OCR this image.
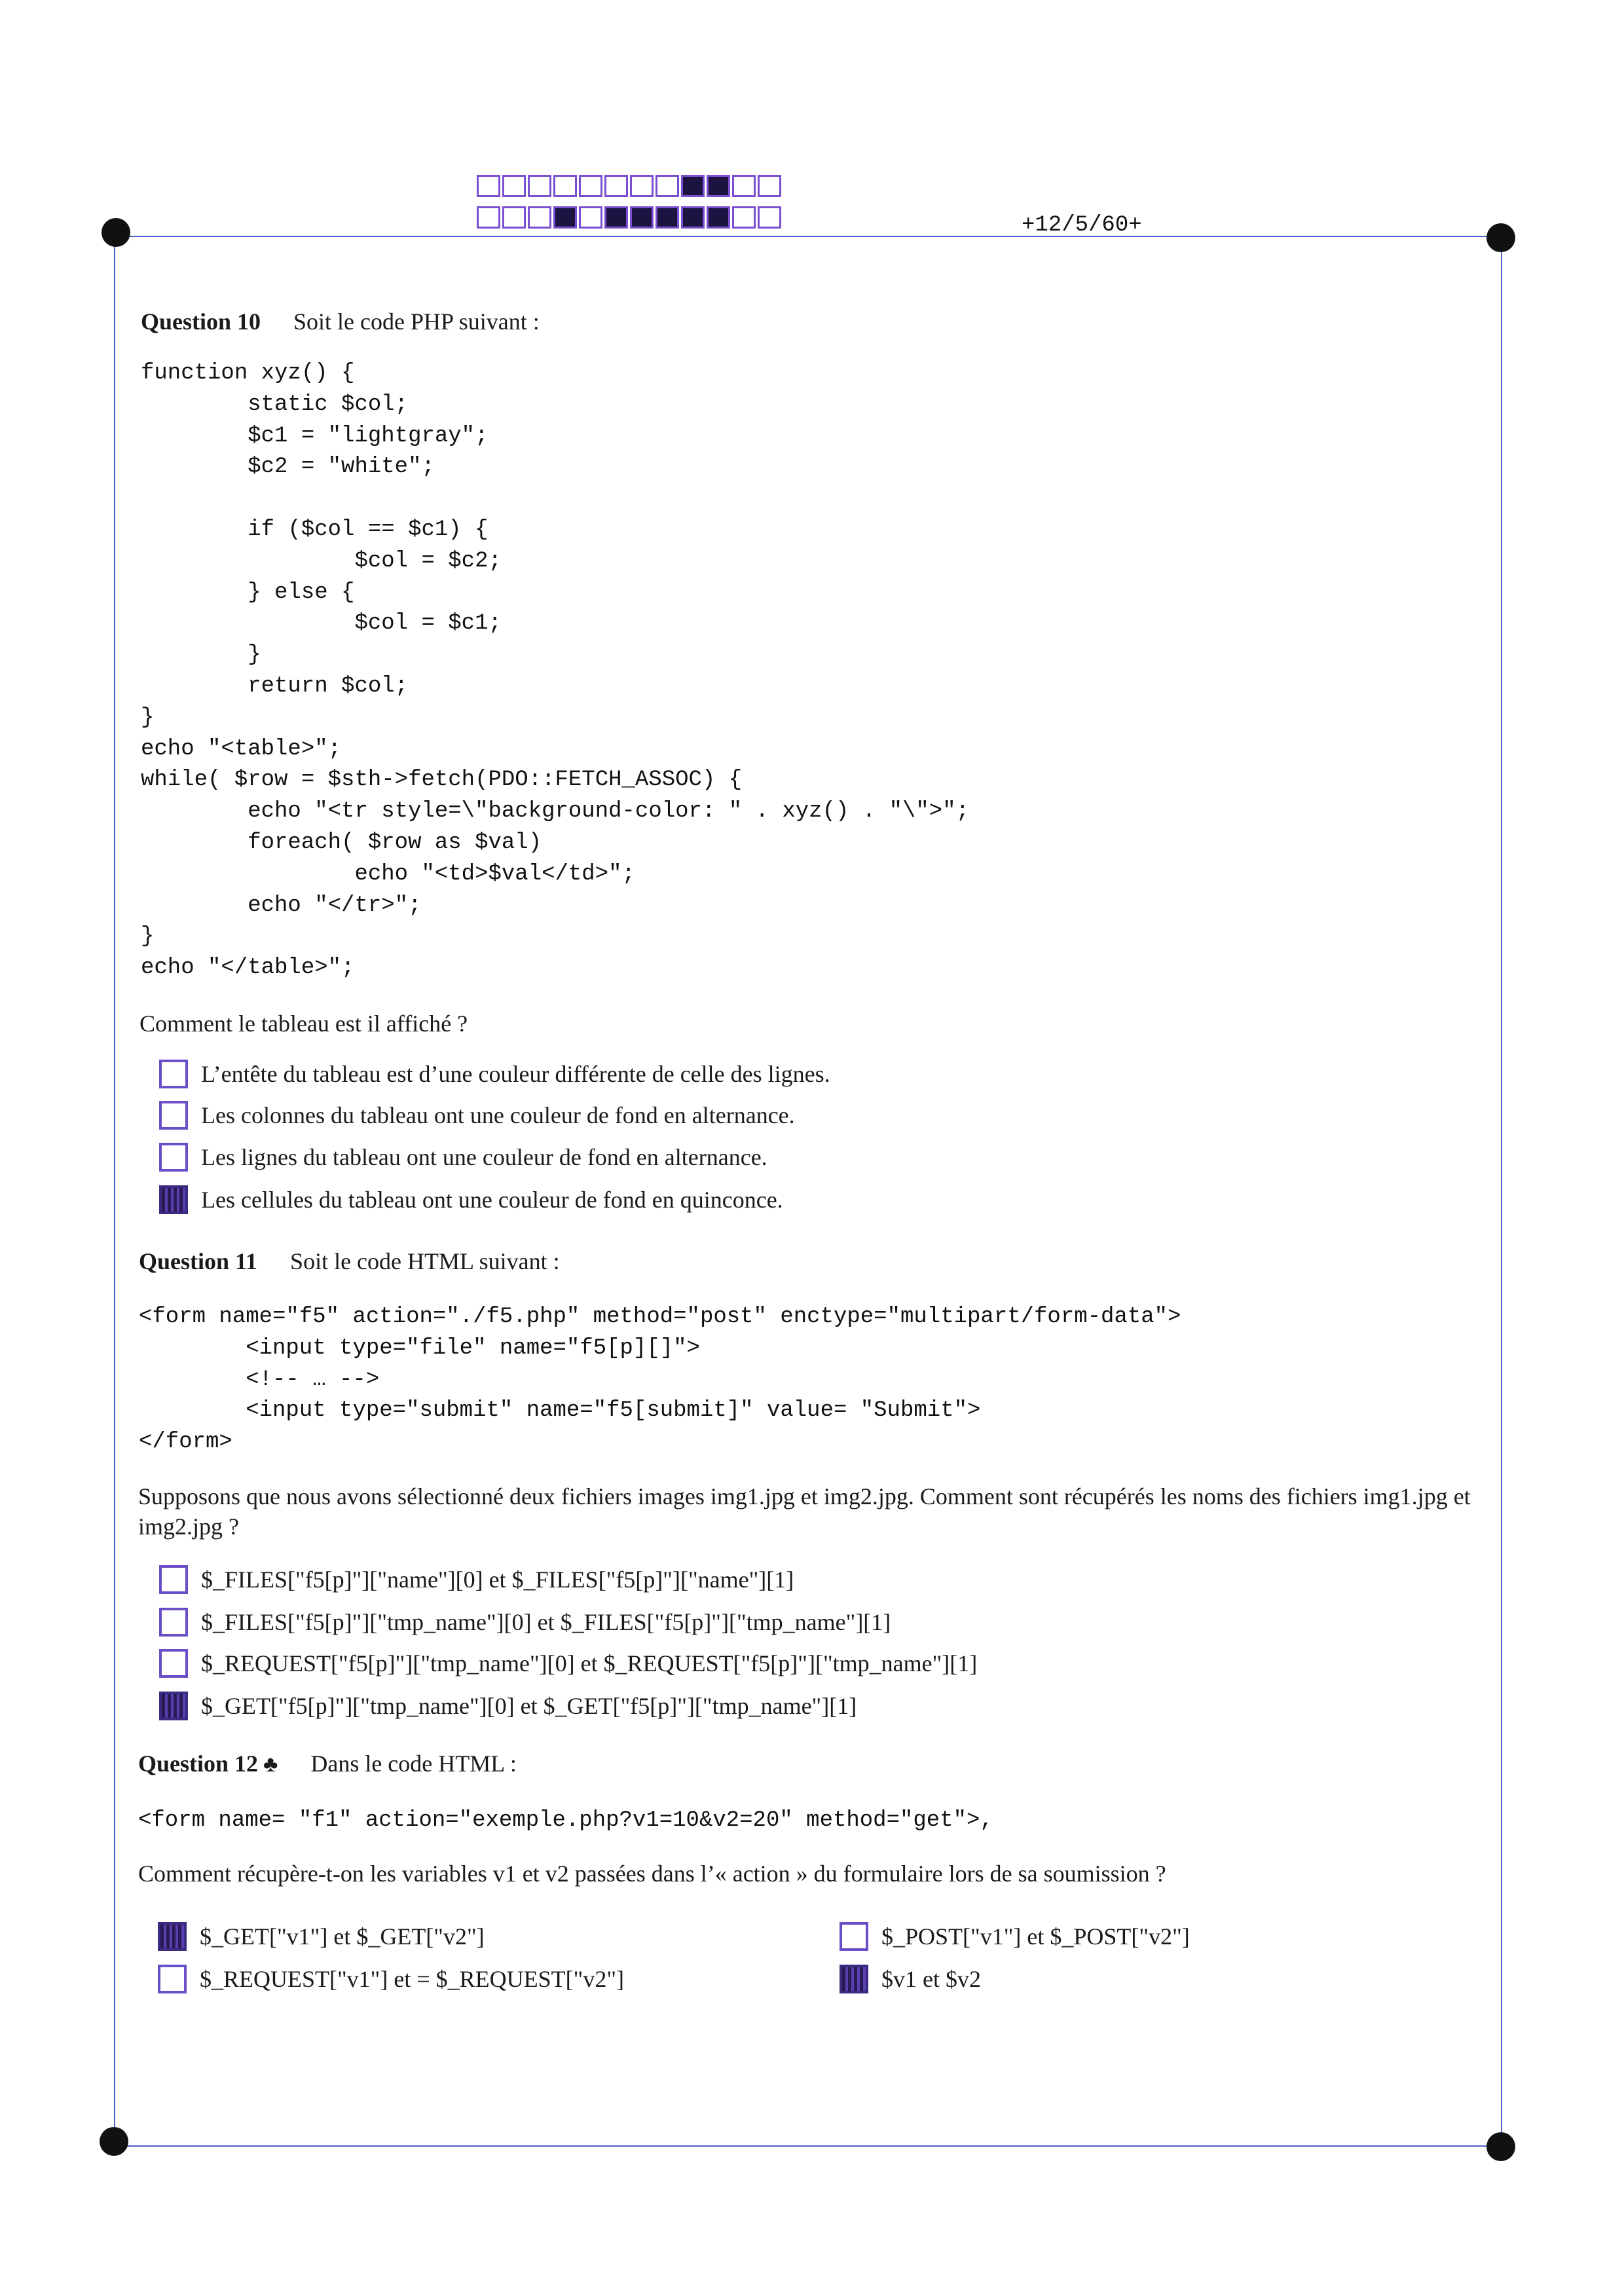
+12/5/60+
Question 10 Soit le code PHP suivant :
function xyz() {
static $col;
$c1 = "lightgray";
$c2 = "white";

if ($col == $c1) {
$col = $c2;
} else {
$col = $c1;
}
return $col;
}
echo "<table>";
while( $row = $sth->fetch(PDO::FETCH_ASSOC) {
echo "<tr style=\"background-color: " . xyz() . "\">";
foreach( $row as $val)
echo "<td>$val</td>";
echo "</tr>";
}
echo "</table>";
Comment le tableau est il affiché ?
L’entête du tableau est d’une couleur différente de celle des lignes.
Les colonnes du tableau ont une couleur de fond en alternance.
Les lignes du tableau ont une couleur de fond en alternance.
Les cellules du tableau ont une couleur de fond en quinconce.
Question 11 Soit le code HTML suivant :
<form name="f5" action="./f5.php" method="post" enctype="multipart/form-data">
<input type="file" name="f5[p][]">
<!-- … -->
<input type="submit" name="f5[submit]" value= "Submit">
</form>
Supposons que nous avons sélectionné deux fichiers images img1.jpg et img2.jpg. Comment sont récupérés les noms des fichiers img1.jpg et img2.jpg ?
$_FILES["f5[p]"]["name"][0] et $_FILES["f5[p]"]["name"][1]
$_FILES["f5[p]"]["tmp_name"][0] et $_FILES["f5[p]"]["tmp_name"][1]
$_REQUEST["f5[p]"]["tmp_name"][0] et $_REQUEST["f5[p]"]["tmp_name"][1]
$_GET["f5[p]"]["tmp_name"][0] et $_GET["f5[p]"]["tmp_name"][1]
Question 12 ♣ Dans le code HTML :
<form name= "f1" action="exemple.php?v1=10&v2=20" method="get">,
Comment récupère-t-on les variables v1 et v2 passées dans l’« action » du formulaire lors de sa soumission ?
$_GET["v1"] et $_GET["v2"]
$_REQUEST["v1"] et = $_REQUEST["v2"]
$_POST["v1"] et $_POST["v2"]
$v1 et $v2
